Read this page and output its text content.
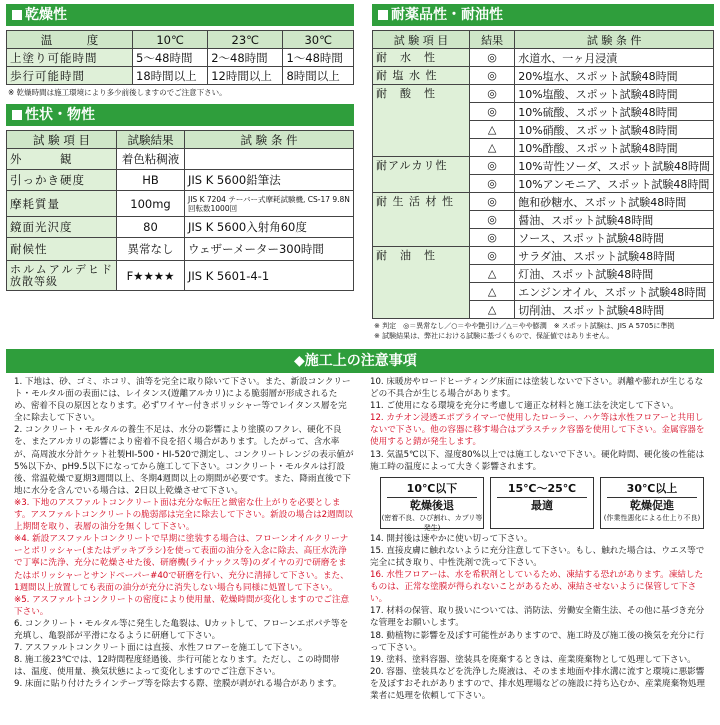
乾燥性
温　　　度	10℃	23℃	30℃
上塗り可能時間	5～48時間	2～48時間	1～48時間
歩行可能時間	18時間以上	12時間以上	8時間以上
※ 乾燥時間は施工環境により多少前後しますのでご注意下さい。
性状・物性
試 験 項 目	試験結果	試 験 条 件
外　　　観	着色粘稠液	
引っかき硬度	HB	JIS K 5600鉛筆法
摩耗質量	100mg	JIS K 7204 テーバー式摩耗試験機, CS-17 9.8N 回転数1000回
鏡面光沢度	80	JIS K 5600入射角60度
耐候性	異常なし	ウェザーメーター300時間
ホルムアルデヒド放散等級	F★★★★	JIS K 5601-4-1
耐薬品性・耐油性
試 験 項 目	結果	試 験 条 件
耐　水　性	◎	水道水、一ヶ月浸漬
耐 塩 水 性	◎	20%塩水、スポット試験48時間
耐　酸　性	◎	10%塩酸、スポット試験48時間
	◎	10%硫酸、スポット試験48時間
	△	10%硝酸、スポット試験48時間
	△	10%酢酸、スポット試験48時間
耐アルカリ性	◎	10%苛性ソーダ、スポット試験48時間
	◎	10%アンモニア、スポット試験48時間
耐 生 活 材 性	◎	飽和砂糖水、スポット試験48時間
	◎	醤油、スポット試験48時間
	◎	ソース、スポット試験48時間
耐　油　性	◎	サラダ油、スポット試験48時間
	△	灯油、スポット試験48時間
	△	エンジンオイル、スポット試験48時間
	△	切削油、スポット試験48時間
※ 判定　◎＝異常なし／○＝やや艶引け／△＝やや膨潤　※ スポット試験は、JIS A 5705に準拠
※ 試験結果は、弊社における試験に基づくもので、保証値ではありません。
◆施工上の注意事項

1. 下地は、砂、ゴミ、ホコリ、油等を完全に取り除いて下さい。また、新設コンクリート・モルタル面の表面には、レイタンス(遊離アルカリ)による脆弱層が形成されるため、密着不良の原因となります。必ずワイヤー付きポリッシャー等でレイタンス層を完全に除去して下さい。

2. コンクリート・モルタルの養生不足は、水分の影響により塗膜のフクレ、硬化不良を、またアルカリの影響により密着不良を招く場合があります。したがって、含水率が、高周波水分計ケット社製HI-500・HI-520で測定し、コンクリートレンジの表示値が5%以下か、pH9.5以下になってから施工して下さい。コンクリート・モルタルは打設後、常温乾燥で夏期3週間以上、冬期4週間以上の期間が必要です。また、降雨直後で下地に水分を含んでいる場合は、2日以上乾燥させて下さい。

※3. 下地のアスファルトコンクリート面は充分な転圧と緻密な仕上がりを必要とします。アスファルトコンクリートの脆弱部は完全に除去して下さい。新設の場合は2週間以上期間を取り、表層の油分を無くして下さい。

※4. 新設アスファルトコンクリートで早期に塗装する場合は、フローンオイルクリーナーとポリッシャー(またはデッキブラシ)を使って表面の油分を入念に除去、高圧水洗浄で丁寧に洗浄、充分に乾燥させた後、研磨機(ライナックス等)のダイヤの刃で研磨をまたはポリッシャーとサンドペーパー#40で研磨を行い、充分に清掃して下さい。また、1週間以上放置しても表面の油分が充分に消失しない場合も同様に処置して下さい。

※5. アスファルトコンクリートの密度により使用量、乾燥時間が変化しますのでご注意下さい。

6. コンクリート・モルタル等に発生した亀裂は、Uカットして、フローンエポパテ等を充填し、亀裂部が平滑になるように研磨して下さい。

7. アスファルトコンクリート面には直接、水性フロアーを施工して下さい。

8. 施工後23℃では、12時間程度経過後、歩行可能となります。ただし、この時間帯は、温度、使用量、換気状態によって変化しますのでご注意下さい。

9. 床面に貼り付けたラインテープ等を除去する際、塗膜が剥がれる場合があります。

10. 床暖房やロードヒーティング床面には塗装しないで下さい。剥離や膨れが生じるなどの不具合が生じる場合があります。

11. ご使用になる環境を充分に考慮して適正な材料と施工法を決定して下さい。

12. カチオン浸透エポプライマーで使用したローラー、ハケ等は水性フロアーと共用しないで下さい。他の容器に移す場合はプラスチック容器を使用して下さい。金属容器を使用すると錆が発生します。

13. 気温5℃以下、湿度80%以上では施工しないで下さい。硬化時間、硬化後の性能は施工時の温度によって大きく影響されます。

10℃以下
乾燥後退
(密着不良、ひび割れ、カブリ等発生)
15℃～25℃
最適
30℃以上
乾燥促進
(作業性悪化による仕上り不良)

14. 開封後は速やかに使い切って下さい。

15. 直接皮膚に触れないように充分注意して下さい。もし、触れた場合は、ウエス等で完全に拭き取り、中性洗剤で洗って下さい。

16. 水性フロアーは、水を希釈剤としているため、凍結する恐れがあります。凍結したものは、正常な塗膜が得られないことがあるため、凍結させないように保管して下さい。

17. 材料の保管、取り扱いについては、消防法、労働安全衛生法、その他に基づき充分な管理をお願いします。

18. 動植物に影響を及ぼす可能性がありますので、施工時及び施工後の換気を充分に行って下さい。

19. 塗料、塗料容器、塗装具を廃棄するときは、産業廃棄物として処理して下さい。

20. 容器、塗装具などを洗浄した廃液は、そのまま地面や排水溝に流すと環境に悪影響を及ぼすおそれがありますので、排水処理場などの施設に持ち込むか、産業廃棄物処理業者に処理を依頼して下さい。
